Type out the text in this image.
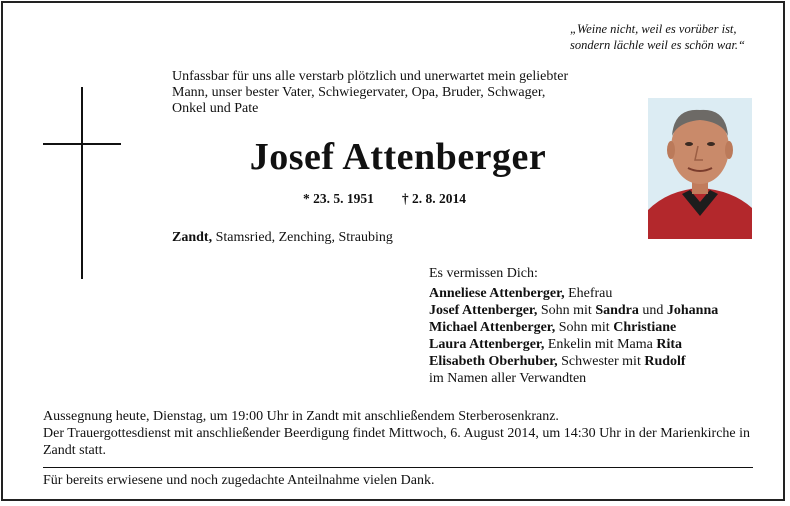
„Weine nicht, weil es vorüber ist,
sondern lächle weil es schön war.“
Unfassbar für uns alle verstarb plötzlich und unerwartet mein geliebter
Mann, unser bester Vater, Schwiegervater, Opa, Bruder, Schwager,
Onkel und Pate
Josef Attenberger
* 23. 5. 1951 † 2. 8. 2014
Zandt, Stamsried, Zenching, Straubing
Es vermissen Dich:
Anneliese Attenberger, Ehefrau
Josef Attenberger, Sohn mit Sandra und Johanna
Michael Attenberger, Sohn mit Christiane
Laura Attenberger, Enkelin mit Mama Rita
Elisabeth Oberhuber, Schwester mit Rudolf
im Namen aller Verwandten

Aussegnung heute, Dienstag, um 19:00 Uhr in Zandt mit anschließendem Sterberosenkranz.

Der Trauergottesdienst mit anschließender Beerdigung findet Mittwoch, 6. August 2014, um 14:30 Uhr in der Marienkirche in Zandt statt.

Für bereits erwiesene und noch zugedachte Anteilnahme vielen Dank.
